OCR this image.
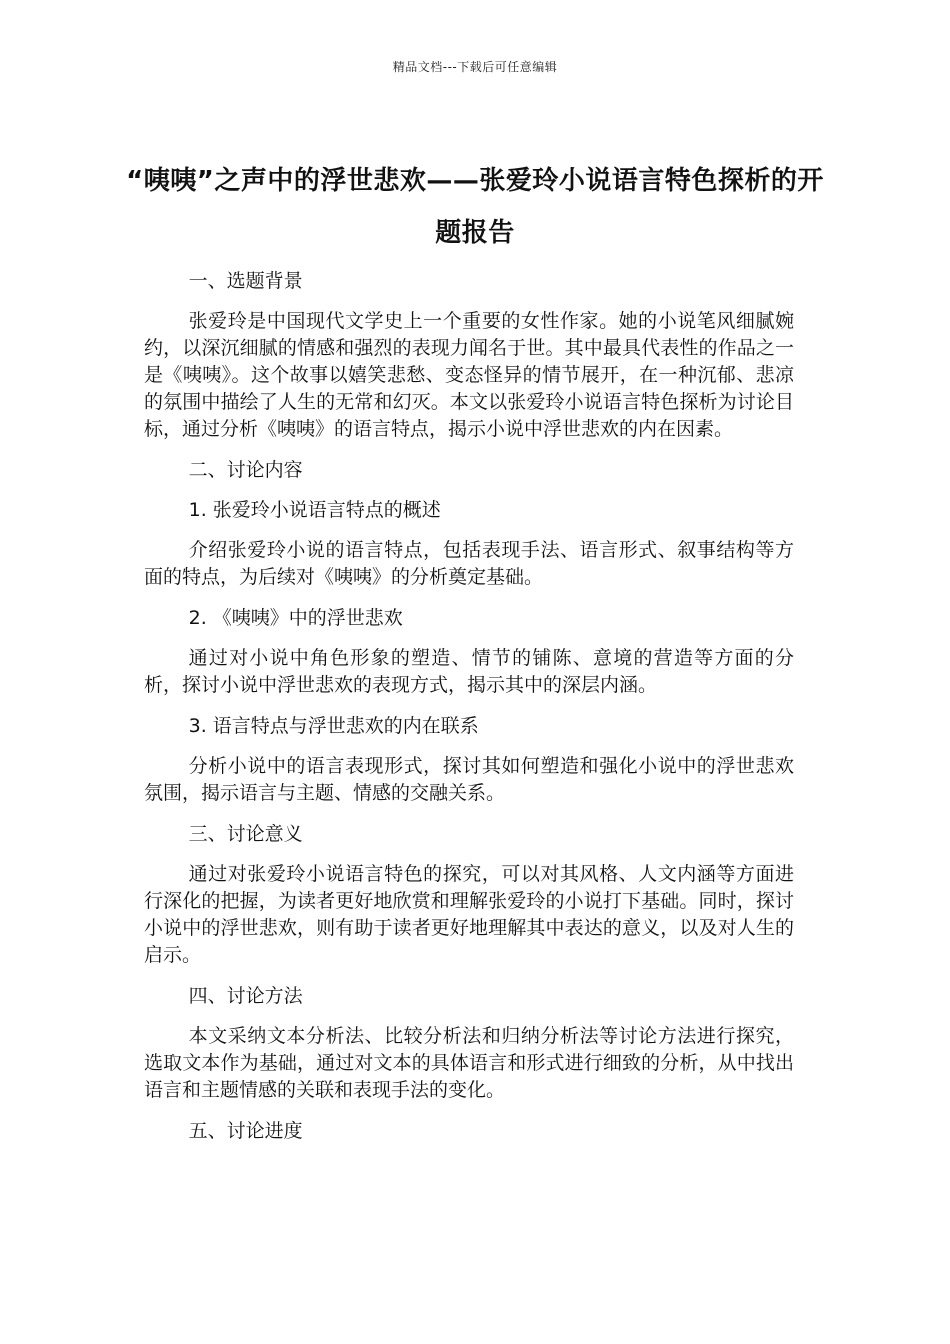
精品文档---下载后可任意编辑
“咦咦”之声中的浮世悲欢——张爱玲小说语言特色探析的开题报告

一、选题背景

张爱玲是中国现代文学史上一个重要的女性作家。她的小说笔风细腻婉约，以深沉细腻的情感和强烈的表现力闻名于世。其中最具代表性的作品之一是《咦咦》。这个故事以嬉笑悲愁、变态怪异的情节展开，在一种沉郁、悲凉的氛围中描绘了人生的无常和幻灭。本文以张爱玲小说语言特色探析为讨论目标，通过分析《咦咦》的语言特点，揭示小说中浮世悲欢的内在因素。

二、讨论内容

1. 张爱玲小说语言特点的概述

介绍张爱玲小说的语言特点，包括表现手法、语言形式、叙事结构等方面的特点，为后续对《咦咦》的分析奠定基础。

2. 《咦咦》中的浮世悲欢

通过对小说中角色形象的塑造、情节的铺陈、意境的营造等方面的分析，探讨小说中浮世悲欢的表现方式，揭示其中的深层内涵。

3. 语言特点与浮世悲欢的内在联系

分析小说中的语言表现形式，探讨其如何塑造和强化小说中的浮世悲欢氛围，揭示语言与主题、情感的交融关系。

三、讨论意义

通过对张爱玲小说语言特色的探究，可以对其风格、人文内涵等方面进行深化的把握，为读者更好地欣赏和理解张爱玲的小说打下基础。同时，探讨小说中的浮世悲欢，则有助于读者更好地理解其中表达的意义，以及对人生的启示。

四、讨论方法

本文采纳文本分析法、比较分析法和归纳分析法等讨论方法进行探究，选取文本作为基础，通过对文本的具体语言和形式进行细致的分析，从中找出语言和主题情感的关联和表现手法的变化。

五、讨论进度
